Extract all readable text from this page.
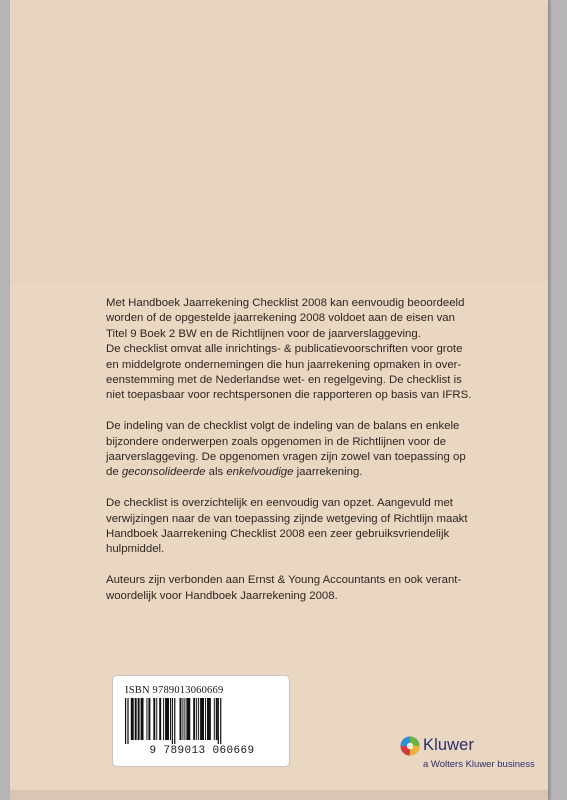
Met Handboek Jaarrekening Checklist 2008 kan eenvoudig beoordeeld
worden of de opgestelde jaarrekening 2008 voldoet aan de eisen van
Titel 9 Boek 2 BW en de Richtlijnen voor de jaarverslaggeving.

De checklist omvat alle inrichtings- & publicatievoorschriften voor grote
en middelgrote ondernemingen die hun jaarrekening opmaken in over-
eenstemming met de Nederlandse wet- en regelgeving. De checklist is
niet toepasbaar voor rechtspersonen die rapporteren op basis van IFRS.

De indeling van de checklist volgt de indeling van de balans en enkele
bijzondere onderwerpen zoals opgenomen in de Richtlijnen voor de
jaarverslaggeving. De opgenomen vragen zijn zowel van toepassing op
de geconsolideerde als enkelvoudige jaarrekening.

De checklist is overzichtelijk en eenvoudig van opzet. Aangevuld met
verwijzingen naar de van toepassing zijnde wetgeving of Richtlijn maakt
Handboek Jaarrekening Checklist 2008 een zeer gebruiksvriendelijk
hulpmiddel.

Auteurs zijn verbonden aan Ernst & Young Accountants en ook verant-
woordelijk voor Handboek Jaarrekening 2008.

ISBN 9789013060669
9 789013 060669	Kluwer
a Wolters Kluwer business
